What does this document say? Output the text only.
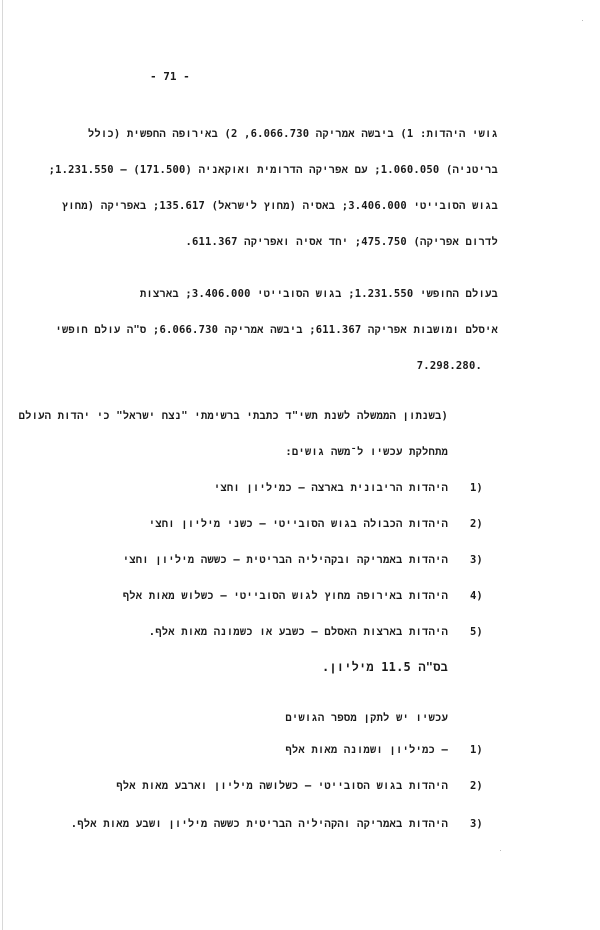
- 71 -
גושי היהדות: 1) ביבשה אמריקה 6.066.730, 2) באירופה החפשית (כולל
בריטניה) 1.060.050; עם אפריקה הדרומית ואוקאניה (171.500) – 1.231.550;
בגוש הסובייטי 3.406.000; באסיה (מחוץ לישראל) 135.617; באפריקה (מחוץ
לדרום אפריקה) 475.750; יחד אסיה ואפריקה 611.367.
בעולם החופשי 1.231.550; בגוש הסובייטי 3.406.000; בארצות
איסלם ומושבות אפריקה 611.367; ביבשה אמריקה 6.066.730; ס"ה עולם חופשי
7.298.280.
(בשנתון הממשלה לשנת תשי"ד כתבתי ברשימתי "נצח ישראל" כי יהדות העולם
מתחלקת עכשיו ל־משה גושים:
1)
היהדות הריבונית בארצה – כמיליון וחצי
2)
היהדות הכבולה בגוש הסובייטי – כשני מיליון וחצי
3)
היהדות באמריקה ובקהיליה הבריטית – כששה מיליון וחצי
4)
היהדות באירופה מחוץ לגוש הסובייטי – כשלוש מאות אלף
5)
היהדות בארצות האסלם – כשבע או כשמונה מאות אלף.
בס"ה 11.5 מיליון.
עכשיו יש לתקן מספר הגושים
1)
– כמיליון ושמונה מאות אלף
2)
היהדות בגוש הסובייטי – כשלושה מיליון וארבע מאות אלף
3)
היהדות באמריקה והקהיליה הבריטית כששה מיליון ושבע מאות אלף.
